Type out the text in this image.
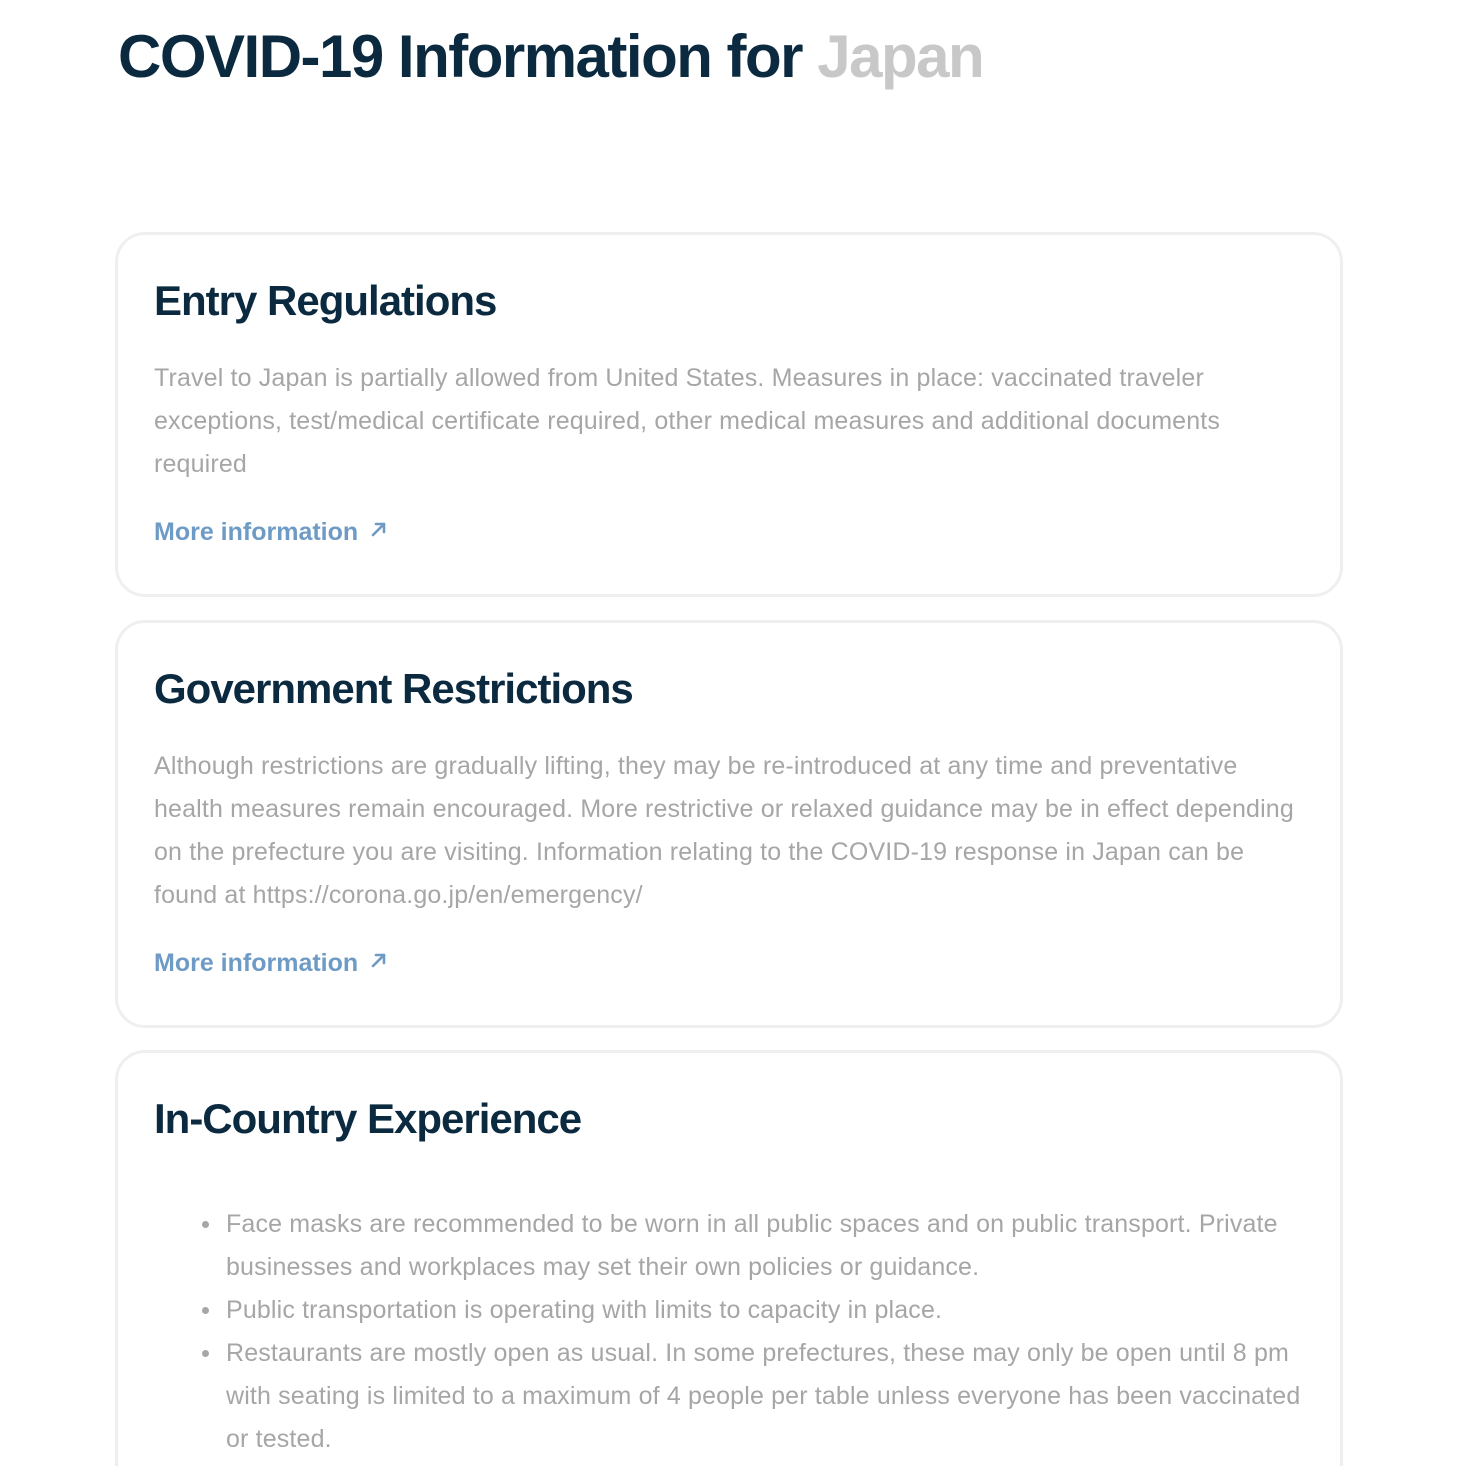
COVID-19 Information for Japan
Entry Regulations

Travel to Japan is partially allowed from United States. Measures in place: vaccinated traveler exceptions, test/medical certificate required, other medical measures and additional documents required

More information
Government Restrictions

Although restrictions are gradually lifting, they may be re-introduced at any time and preventative health measures remain encouraged. More restrictive or relaxed guidance may be in effect depending on the prefecture you are visiting. Information relating to the COVID-19 response in Japan can be found at https://corona.go.jp/en/emergency/

More information
In-Country Experience
Face masks are recommended to be worn in all public spaces and on public transport. Private businesses and workplaces may set their own policies or guidance.
Public transportation is operating with limits to capacity in place.
Restaurants are mostly open as usual. In some prefectures, these may only be open until 8 pm with seating is limited to a maximum of 4 people per table unless everyone has been vaccinated or tested.
